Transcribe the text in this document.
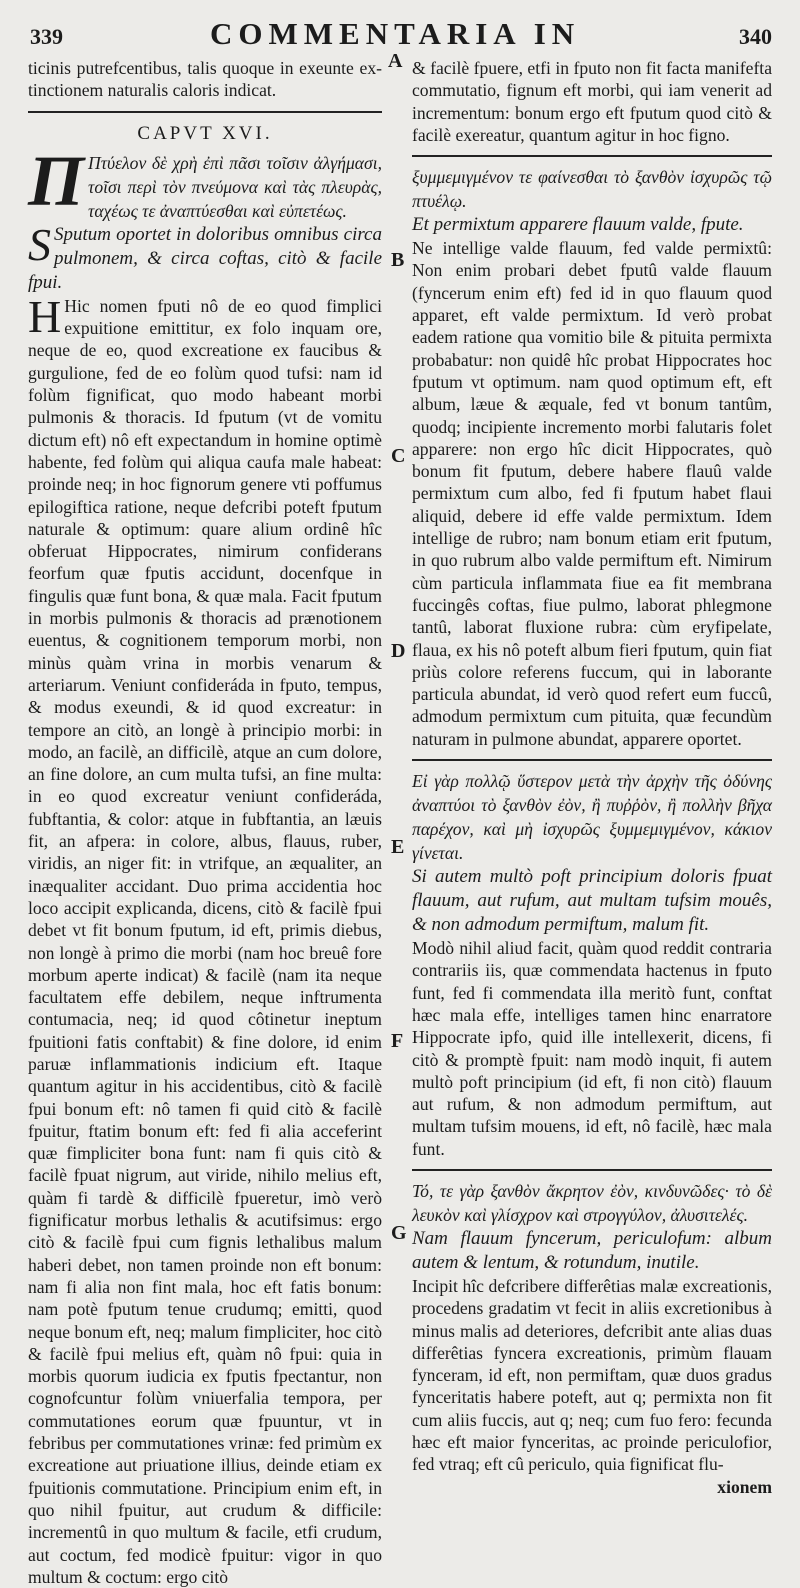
339	COMMENTARIA IN	340
A
B
C
D
E
F
G

ticinis putrefcentibus, talis quoque in exeunte ex-tinctionem naturalis caloris indicat.

CAPVT XVI.

Π Πτύελον δὲ χρὴ ἐπὶ πᾶσι τοῖσιν ἀλγήμασι, τοῖσι περὶ τὸν πνεύμονα καὶ τὰς πλευρὰς, ταχέως τε ἀναπτύεσθαι καὶ εὐπετέως.

S Sputum oportet in doloribus omnibus circa pulmonem, & circa coftas, citò & facile fpui.

H Hic nomen fputi nô de eo quod fimplici expuitione emittitur, ex folo inquam ore, neque de eo, quod excreatione ex faucibus & gurgulione, fed de eo folùm quod tufsi: nam id folùm fignificat, quo modo habeant morbi pulmonis & thoracis. Id fputum (vt de vomitu dictum eft) nô eft expectandum in homine optimè habente, fed folùm qui aliqua caufa male habeat: proinde neq; in hoc fignorum genere vti poffumus epilogiftica ratione, neque defcribi poteft fputum naturale & optimum: quare alium ordinê hîc obferuat Hippocrates, nimirum confiderans feorfum quæ fputis accidunt, docenfque in fingulis quæ funt bona, & quæ mala. Facit fputum in morbis pulmonis & thoracis ad prænotionem euentus, & cognitionem temporum morbi, non minùs quàm vrina in morbis venarum & arteriarum. Veniunt confideráda in fputo, tempus, & modus exeundi, & id quod excreatur: in tempore an citò, an longè à principio morbi: in modo, an facilè, an difficilè, atque an cum dolore, an fine dolore, an cum multa tufsi, an fine multa: in eo quod excreatur veniunt confideráda, fubftantia, & color: atque in fubftantia, an læuis fit, an afpera: in colore, albus, flauus, ruber, viridis, an niger fit: in vtrifque, an æqualiter, an inæqualiter accidant. Duo prima accidentia hoc loco accipit explicanda, dicens, citò & facilè fpui debet vt fit bonum fputum, id eft, primis diebus, non longè à primo die morbi (nam hoc breuê fore morbum aperte indicat) & facilè (nam ita neque facultatem effe debilem, neque inftrumenta contumacia, neq; id quod côtinetur ineptum fpuitioni fatis conftabit) & fine dolore, id enim paruæ inflammationis indicium eft. Itaque quantum agitur in his accidentibus, citò & facilè fpui bonum eft: nô tamen fi quid citò & facilè fpuitur, ftatim bonum eft: fed fi alia acceferint quæ fimpliciter bona funt: nam fi quis citò & facilè fpuat nigrum, aut viride, nihilo melius eft, quàm fi tardè & difficilè fpueretur, imò verò fignificatur morbus lethalis & acutifsimus: ergo citò & facilè fpui cum fignis lethalibus malum haberi debet, non tamen proinde non eft bonum: nam fi alia non fint mala, hoc eft fatis bonum: nam potè fputum tenue crudumq; emitti, quod neque bonum eft, neq; malum fimpliciter, hoc citò & facilè fpui melius eft, quàm nô fpui: quia in morbis quorum iudicia ex fputis fpectantur, non cognofcuntur folùm vniuerfalia tempora, per commutationes eorum quæ fpuuntur, vt in febribus per commutationes vrinæ: fed primùm ex excreatione aut priuatione illius, deinde etiam ex fpuitionis commutatione. Principium enim eft, in quo nihil fpuitur, aut crudum & difficile: incrementû in quo multum & facile, etfi crudum, aut coctum, fed modicè fpuitur: vigor in quo multum & coctum: ergo citò

& facilè fpuere, etfi in fputo non fit facta manifefta commutatio, fignum eft morbi, qui iam venerit ad incrementum: bonum ergo eft fputum quod citò & facilè exereatur, quantum agitur in hoc figno.

ξυμμεμιγμένον τε φαίνεσθαι τὸ ξανθὸν ἰσχυρῶς τῷ πτυέλῳ.

Et permixtum apparere flauum valde, fpute.

Ne intellige valde flauum, fed valde permixtû: Non enim probari debet fputû valde flauum (fyncerum enim eft) fed id in quo flauum quod apparet, eft valde permixtum. Id verò probat eadem ratione qua vomitio bile & pituita permixta probabatur: non quidê hîc probat Hippocrates hoc fputum vt optimum. nam quod optimum eft, eft album, læue & æquale, fed vt bonum tantûm, quodq; incipiente incremento morbi falutaris folet apparere: non ergo hîc dicit Hippocrates, quò bonum fit fputum, debere habere flauû valde permixtum cum albo, fed fi fputum habet flaui aliquid, debere id effe valde permixtum. Idem intellige de rubro; nam bonum etiam erit fputum, in quo rubrum albo valde permiftum eft. Nimirum cùm particula inflammata fiue ea fit membrana fuccingês coftas, fiue pulmo, laborat phlegmone tantû, laborat fluxione rubra: cùm eryfipelate, flaua, ex his nô poteft album fieri fputum, quin fiat priùs colore referens fuccum, qui in laborante particula abundat, id verò quod refert eum fuccû, admodum permixtum cum pituita, quæ fecundùm naturam in pulmone abundat, apparere oportet.

Εἰ γὰρ πολλῷ ὕστερον μετὰ τὴν ἀρχὴν τῆς ὀδύνης ἀναπτύοι τὸ ξανθὸν ἐὸν, ἢ πυῤῥὸν, ἢ πολλὴν βῆχα παρέχον, καὶ μὴ ἰσχυρῶς ξυμμεμιγμένον, κάκιον γίνεται.

Si autem multò poft principium doloris fpuat flauum, aut rufum, aut multam tufsim mouês, & non admodum permiftum, malum fit.

Modò nihil aliud facit, quàm quod reddit contraria contrariis iis, quæ commendata hactenus in fputo funt, fed fi commendata illa meritò funt, conftat hæc mala effe, intelliges tamen hinc enarratore Hippocrate ipfo, quid ille intellexerit, dicens, fi citò & promptè fpuit: nam modò inquit, fi autem multò poft principium (id eft, fi non citò) flauum aut rufum, & non admodum permiftum, aut multam tufsim mouens, id eft, nô facilè, hæc mala funt.

Τό, τε γὰρ ξανθὸν ἄκρητον ἐὸν, κινδυνῶδες· τὸ δὲ λευκὸν καὶ γλίσχρον καὶ στρογγύλον, ἀλυσιτελές.

Nam flauum fyncerum, periculofum: album autem & lentum, & rotundum, inutile.

Incipit hîc defcribere differêtias malæ excreationis, procedens gradatim vt fecit in aliis excretionibus à minus malis ad deteriores, defcribit ante alias duas differêtias fyncera excreationis, primùm flauam fynceram, id eft, non permiftam, quæ duos gradus fynceritatis habere poteft, aut q; permixta non fit cum aliis fuccis, aut q; neq; cum fuo fero: fecunda hæc eft maior fynceritas, ac proinde periculofior, fed vtraq; eft cû periculo, quia fignificat flu-

xionem
